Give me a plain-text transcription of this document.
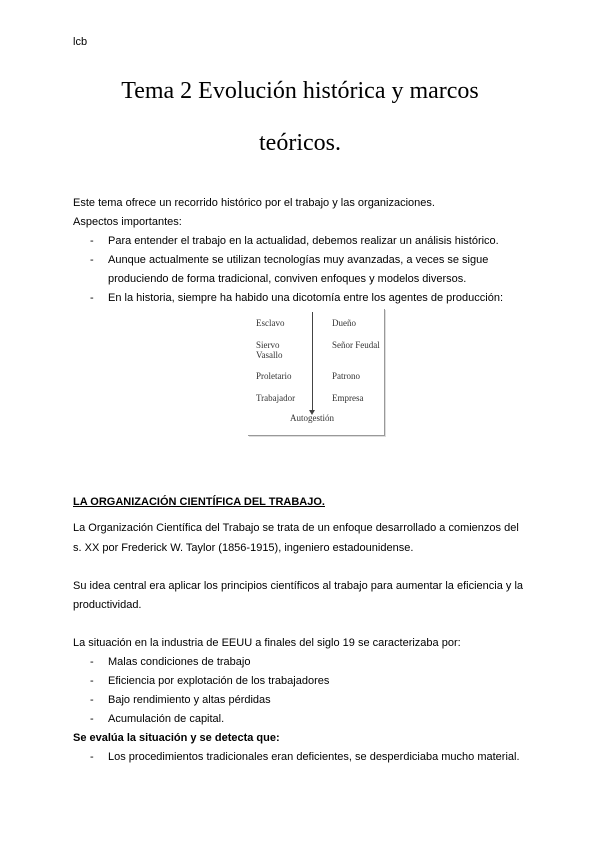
lcb
Tema 2 Evolución histórica y marcos
teóricos.
Este tema ofrece un recorrido histórico por el trabajo y las organizaciones.
Aspectos importantes:
- Para entender el trabajo en la actualidad, debemos realizar un análisis histórico.
- Aunque actualmente se utilizan tecnologías muy avanzadas, a veces se sigue
produciendo de forma tradicional, conviven enfoques y modelos diversos.
- En la historia, siempre ha habido una dicotomía entre los agentes de producción:
Esclavo
Siervo
Vasallo
Proletario
Trabajador
Dueño
Señor Feudal
Patrono
Empresa
Autogestión
LA ORGANIZACIÓN CIENTÍFICA DEL TRABAJO.
La Organización Científica del Trabajo se trata de un enfoque desarrollado a comienzos del
s. XX por Frederick W. Taylor (1856-1915), ingeniero estadounidense.
Su idea central era aplicar los principios científicos al trabajo para aumentar la eficiencia y la
productividad.
La situación en la industria de EEUU a finales del siglo 19 se caracterizaba por:
- Malas condiciones de trabajo
- Eficiencia por explotación de los trabajadores
- Bajo rendimiento y altas pérdidas
- Acumulación de capital.
Se evalúa la situación y se detecta que:
- Los procedimientos tradicionales eran deficientes, se desperdiciaba mucho material.
